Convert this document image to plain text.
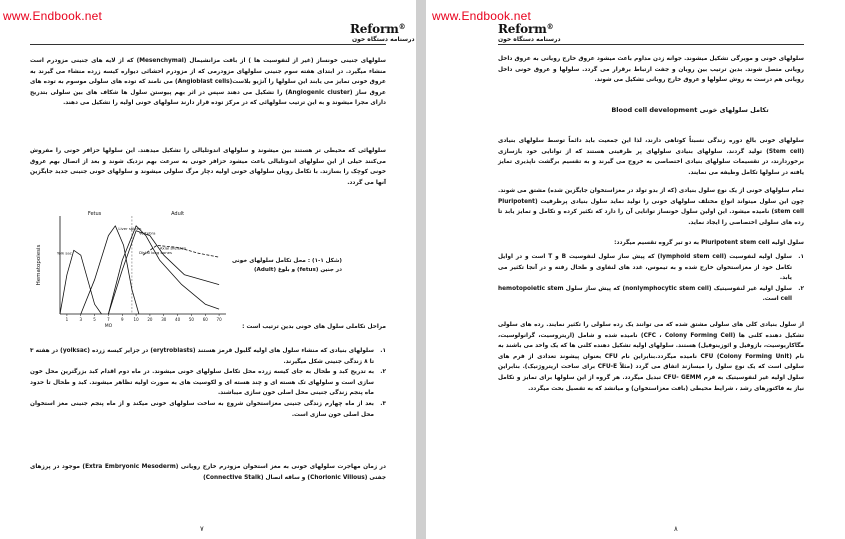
www.Endbook.net
Reform®
درسنامه دستگاه خون
سلولهای جنینی خونساز (غیر از لنفوسیت ها ) از بافت مزانشیمال (Mesenchymal) که از لایه های جنینی مزودرم است منشاء میگیرد. در ابتدای هفته سوم جنینی سلولهای مزودرمی که از مزودرم احشائی دیواره کیسه زرده منشاء می گیرند به عروق خونی تمایز می یابند این سلولها را آنژیو بلاست(Angioblast cells) می نامند که توده های سلولی موسوم به توده های عروق ساز (Angiogenic cluster) را تشکیل می دهند سپس در اثر بهم پیوستن سلول ها شکاف های بین سلولی بتدریج دارای مجرا میشوند و به این ترتیب سلولهائی که در مرکز توده قرار دارند سلولهای خونی اولیه را تشکیل می دهند.
سلولهائی که محیطی تر هستند بین میشوند و سلولهای اندوتلیالی را تشکیل میدهند. این سلولها حزافر خونی را مفروش می‌کنند خیلی از این سلولهای اندوتلیالی باعث میشود حزافر خونی به سرعت بهم نزدیک شوند و بعد از اتصال بهم عروق خونی کوچک را بسازند. با تکامل رویان سلولهای خونی اولیه دچار مرگ سلولی میشوند و سلولهای خونی جنینی جدید جایگزین آنها می گردد.
Fetus	Adult
Hematopoiesis
1	3	5	7	9	10 20 30 40 50 60 70
MO
Yolk sac
Liver spleen
Vertebra
Distal long bones
Axial skeleton
(شکل ۱-۱) : محل تکامل سلولهای خونی در جنین (fetus) و بلوغ (Adult)
مراحل تکاملی سلول های خونی بدین ترتیب است :
۱.
سلولهای بنیادی که منشاء سلول های اولیه گلبول قرمز هستند (erytroblasts) در جزایر کیسه زرده (yolksac) در هفته ۳ تا ۸ زندگی جنینی شکل میگیرند.
۲.
به تدریج کبد و طحال به جای کیسه زرده محل تکامل سلولهای خونی میشوند. در ماه دوم اقدام کبد بزرگترین محل خون سازی است و سلولهای تک هسته ای و چند هسته ای و لکوسیت های به صورت اولیه تظاهر میشوند. کبد و طحال تا حدود ماه پنجم زندگی جنینی محل اصلی خون سازی میباشند.
۳.
بعد از ماه چهارم زندگی جنینی مغزاستخوان شروع به ساخت سلولهای خونی میکند و از ماه پنجم جنینی مغز استخوان محل اصلی خون سازی است.
در زمان مهاجرت سلولهای خونی به مغز استخوان مزودرم خارج رویانی (Extra Embryonic Mesoderm) موجود در پرزهای جفتی (Chorionic Villous) و ساقه اتصال (Connective Stalk)
۷
www.Endbook.net
Reform®
درسنامه دستگاه خون
سلولهای خونی و مویرگی تشکیل میشوند. جوانه زدن مداوم باعث میشود عروق خارج رویانی به عروق داخل رویانی متصل شوند. بدین ترتیب بین رویان و جفت ارتباط برقرار می گردد. سلولها و عروق خونی داخل رویانی هم درست به روش سلولها و عروق خارج رویانی تشکیل می شوند.
تکامل سلولهای خونی Blood cell development
سلولهای خونی بالغ دوره زندگی نسبتاً کوتاهی دارند، لذا این جمعیت باید دائماً توسط سلولهای بنیادی (Stem cell) تولید گردند. سلولهای بنیادی سلولهای پر ظرفیتی هستند که از توانایی خود بازسازی برخوردارند، در تقسیمات سلولهای بنیادی اختصاصی به خروج می گیرند و به تقسیم برگشت ناپذیری تمایز یافته در سلولها تکامل وظیفه می نمایند.
تمام سلولهای خونی از یک نوع سلول بنیادی (که از بدو تولد در مغزاستخوان جایگزین شده) مشتق می شوند. چون این سلول میتواند انواع مختلف سلولهای خونی را تولید نماید سلول بنیادی پرظرفیت (Pluripotent stem cell) نامیده میشود. این اولین سلول خونساز توانایی آن را دارد که تکثیر کرده و تکامل و تمایز یابد تا رده های سلولی اختصاصی را ایجاد نماید.
سلول اولیه Pluripotent stem cell به دو تیر گروه تقسیم میگردد:
۱.
سلول اولیه لنفوسیت (lymphoid stem cell) که پیش ساز سلول لنفوسیت B و T است و در اوایل تکامل خود از مغزاستخوان خارج شده و به تیموس، غدد های لنفاوی و طحال رفته و در آنجا تکثیر می یابد.
۲.
سلول اولیه غیر لنفوسیتیک (nonlymphocytic stem cell) که پیش ساز سلول hemotopoietic stem cell است.
از سلول بنیادی کلی های سلولی مشتق شده که می توانند یک رده سلولی را تکثیر نمایند. رده های سلولی تشکیل دهنده کلنی ها (CFC ، Colony Forming Cell) نامیده شده و شامل (اریتروسیت، گرانولوسیت، مگاکاریوسیت، بازوفیل و ائوزینوفیل) هستند. سلولهای اولیه تشکیل دهنده کلنی ها که یک واحد می باشند به نام CFU (Colony Forming Unit) نامیده میگردد.بنابراین نام CFU بعنوان پیشوند تعدادی از فرم های سلولی است که یک نوع سلول را میسازند اتفاق می گردد (مثلاً CFU-E برای ساخت اریتروژنیک). بنابراین سلول اولیه غیر لنفوسیتیک به فرم CFU- GEMM تبدیل میگردد. هر گروه از این سلولها برای تمایز و تکامل نیاز به فاکتورهای رشد ، شرایط محیطی (بافت مغزاستخوان) و میانشد که به تفصیل بحث میگردد.
۸
